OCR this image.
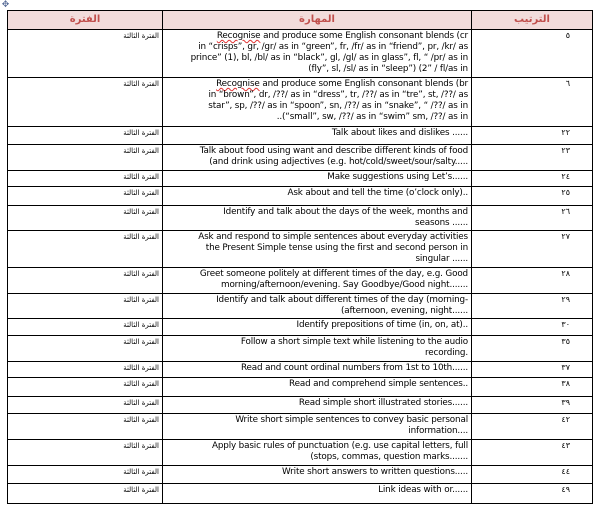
✥
الفترة	المهارة	الترتيب
الفترة الثالثة	Recognise and produce some English consonant blends (cr
in “crisps”, gr, /gr/ as in “green”, fr, /fr/ as in “friend”, pr, /kr/ as
prince” (1), bl, /bl/ as in “black”, gl, /gl/ as in glass”, fl, “ /pr/ as in
(fly”, sl, /sl/ as in “sleep”) (2” / fl/as in	٥
الفترة الثالثة	Recognise and produce some English consonant blends (br
in “brown”, dr, /??/ as in “dress”, tr, /??/ as in “tre”, st, /??/ as
star”, sp, /??/ as in “spoon”, sn, /??/ as in “snake”, “ /??/ as in
..(“small”, sw, /??/ as in “swim” sm, /??/ as in	٦
الفترة الثالثة	Talk about likes and dislikes ......	٢٢
الفترة الثالثة	Talk about food using want and describe different kinds of food
(and drink using adjectives (e.g. hot/cold/sweet/sour/salty.....	٢٣
الفترة الثالثة	Make suggestions using Let’s......	٢٤
الفترة الثالثة	Ask about and tell the time (o’clock only)..	٢٥
الفترة الثالثة	Identify and talk about the days of the week, months and
seasons ......	٢٦
الفترة الثالثة	Ask and respond to simple sentences about everyday activities
the Present Simple tense using the first and second person in
singular ......	٢٧
الفترة الثالثة	Greet someone politely at different times of the day, e.g. Good
morning/afternoon/evening. Say Goodbye/Good night.......	٢٨
الفترة الثالثة	Identify and talk about different times of the day (morning-
(afternoon, evening, night......	٢٩
الفترة الثالثة	Identify prepositions of time (in, on, at)..	٣٠
الفترة الثالثة	Follow a short simple text while listening to the audio
recording.	٣٥
الفترة الثالثة	Read and count ordinal numbers from 1st to 10th......	٣٧
الفترة الثالثة	Read and comprehend simple sentences..	٣٨
الفترة الثالثة	Read simple short illustrated stories......	٣٩
الفترة الثالثة	Write short simple sentences to convey basic personal
information....	٤٢
الفترة الثالثة	Apply basic rules of punctuation (e.g. use capital letters, full
(stops, commas, question marks.......	٤٣
الفترة الثالثة	Write short answers to written questions.....	٤٤
الفترة الثالثة	Link ideas with or......	٤٩
